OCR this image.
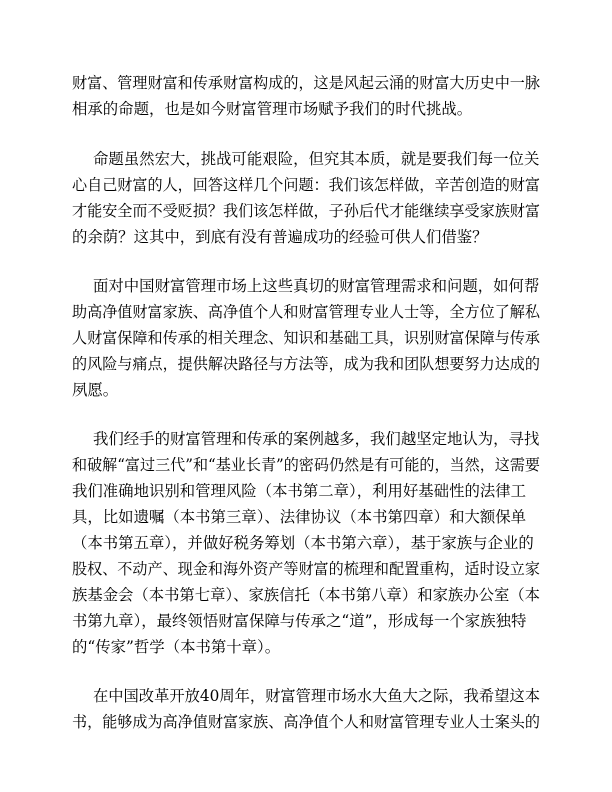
财富、管理财富和传承财富构成的，这是风起云涌的财富大历史中一脉
相承的命题，也是如今财富管理市场赋予我们的时代挑战。
命题虽然宏大，挑战可能艰险，但究其本质，就是要我们每一位关
心自己财富的人，回答这样几个问题：我们该怎样做，辛苦创造的财富
才能安全而不受贬损？我们该怎样做，子孙后代才能继续享受家族财富
的余荫？这其中，到底有没有普遍成功的经验可供人们借鉴？
面对中国财富管理市场上这些真切的财富管理需求和问题，如何帮
助高净值财富家族、高净值个人和财富管理专业人士等，全方位了解私
人财富保障和传承的相关理念、知识和基础工具，识别财富保障与传承
的风险与痛点，提供解决路径与方法等，成为我和团队想要努力达成的
夙愿。
我们经手的财富管理和传承的案例越多，我们越坚定地认为，寻找
和破解“富过三代”和“基业长青”的密码仍然是有可能的，当然，这需要
我们准确地识别和管理风险（本书第二章），利用好基础性的法律工
具，比如遗嘱（本书第三章）、法律协议（本书第四章）和大额保单
（本书第五章），并做好税务筹划（本书第六章），基于家族与企业的
股权、不动产、现金和海外资产等财富的梳理和配置重构，适时设立家
族基金会（本书第七章）、家族信托（本书第八章）和家族办公室（本
书第九章），最终领悟财富保障与传承之“道”，形成每一个家族独特
的“传家”哲学（本书第十章）。
在中国改革开放40周年，财富管理市场水大鱼大之际，我希望这本
书，能够成为高净值财富家族、高净值个人和财富管理专业人士案头的
